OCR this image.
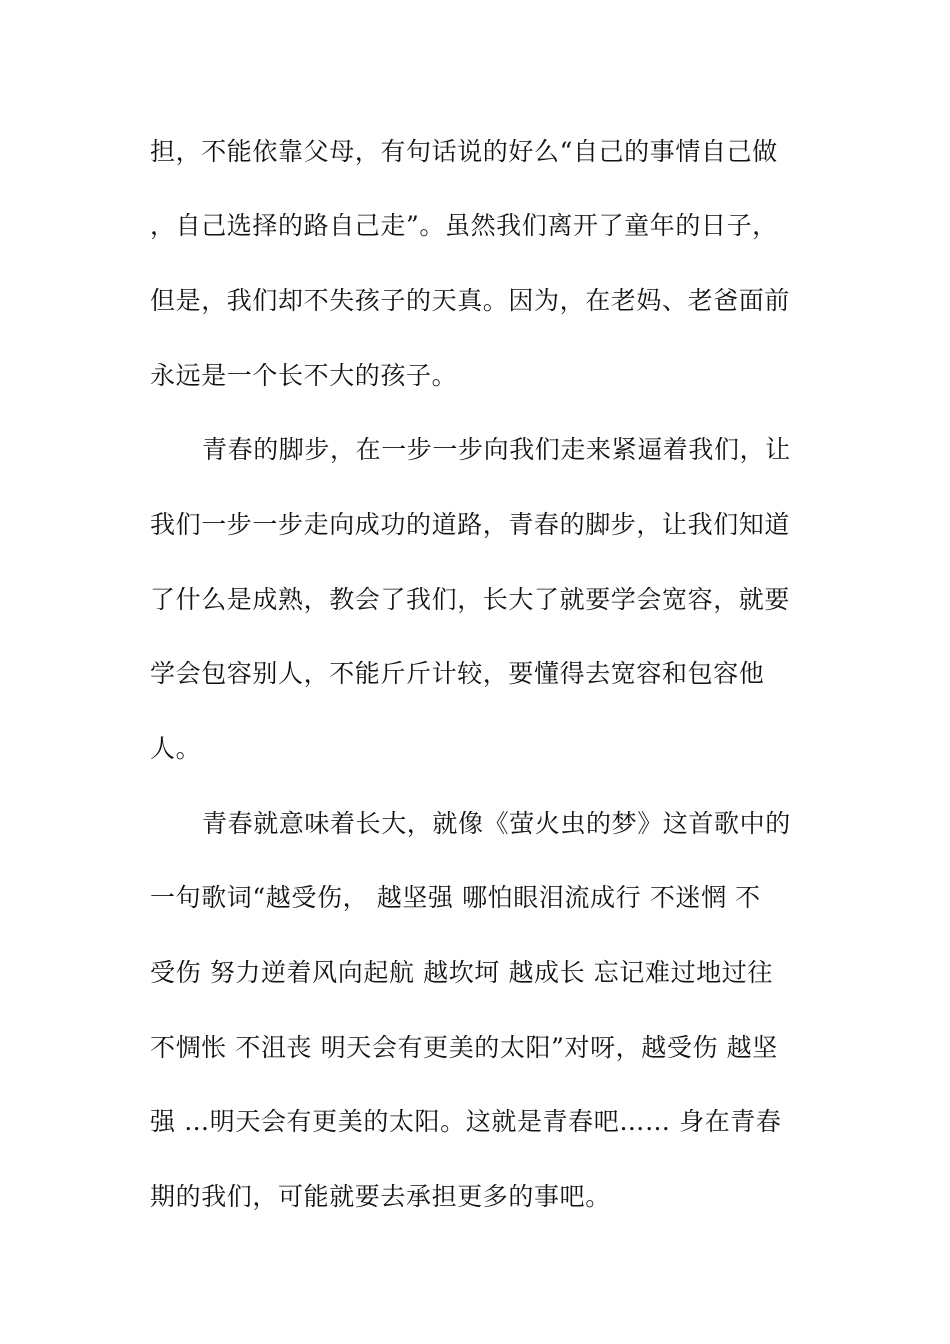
担，不能依靠父母，有句话说的好么“自己的事情自己做
，自己选择的路自己走”。虽然我们离开了童年的日子，
但是，我们却不失孩子的天真。因为，在老妈、老爸面前
永远是一个长不大的孩子。
青春的脚步，在一步一步向我们走来紧逼着我们，让
我们一步一步走向成功的道路，青春的脚步，让我们知道
了什么是成熟，教会了我们，长大了就要学会宽容，就要
学会包容别人，不能斤斤计较，要懂得去宽容和包容他
人。
青春就意味着长大，就像《萤火虫的梦》这首歌中的
一句歌词“越受伤， 越坚强 哪怕眼泪流成行 不迷惘 不
受伤 努力逆着风向起航 越坎坷 越成长 忘记难过地过往
不惆怅 不沮丧 明天会有更美的太阳”对呀，越受伤 越坚
强 …明天会有更美的太阳。这就是青春吧…… 身在青春
期的我们，可能就要去承担更多的事吧。
